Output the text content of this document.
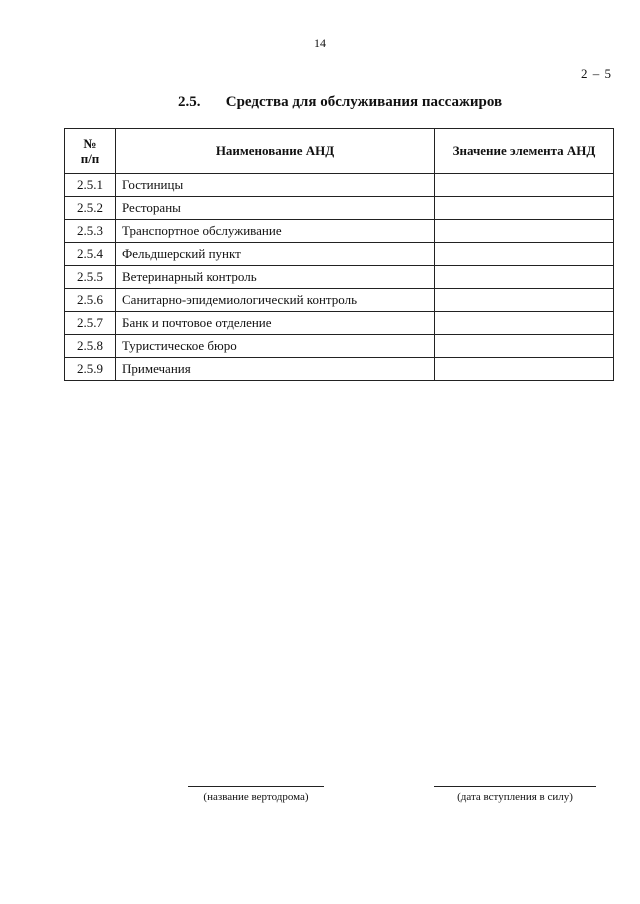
14
2 – 5
2.5. Средства для обслуживания пассажиров
№
п/п	Наименование АНД	Значение элемента АНД
2.5.1	Гостиницы	
2.5.2	Рестораны	
2.5.3	Транспортное обслуживание	
2.5.4	Фельдшерский пункт	
2.5.5	Ветеринарный контроль	
2.5.6	Санитарно-эпидемиологический контроль	
2.5.7	Банк и почтовое отделение	
2.5.8	Туристическое бюро	
2.5.9	Примечания	
(название вертодрома)	(дата вступления в силу)
